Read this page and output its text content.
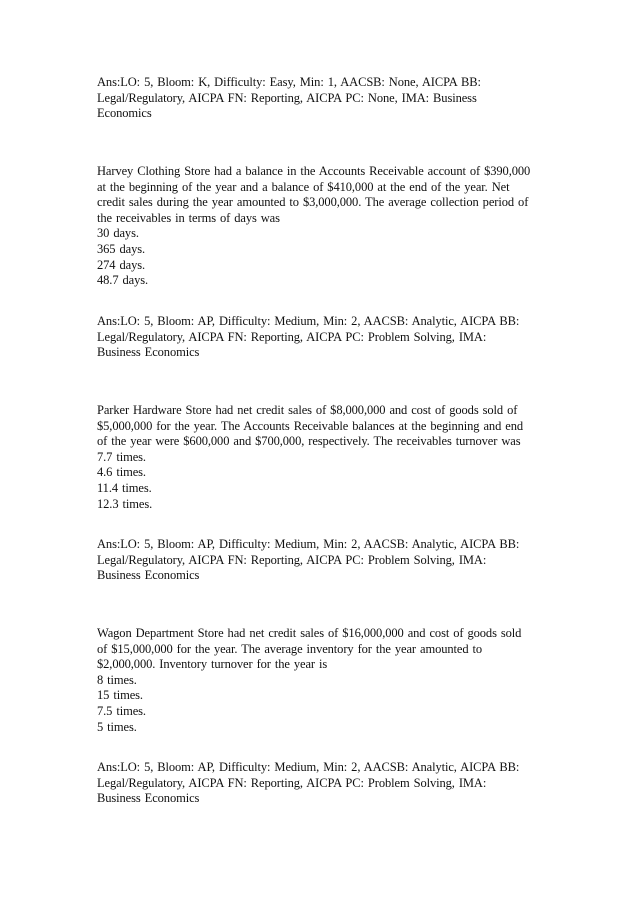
Ans:LO: 5, Bloom: K, Difficulty: Easy, Min: 1, AACSB: None, AICPA BB:
Legal/Regulatory, AICPA FN: Reporting, AICPA PC: None, IMA: Business
Economics
Harvey Clothing Store had a balance in the Accounts Receivable account of $390,000
at the beginning of the year and a balance of $410,000 at the end of the year. Net
credit sales during the year amounted to $3,000,000. The average collection period of
the receivables in terms of days was
30 days.
365 days.
274 days.
48.7 days.
Ans:LO: 5, Bloom: AP, Difficulty: Medium, Min: 2, AACSB: Analytic, AICPA BB:
Legal/Regulatory, AICPA FN: Reporting, AICPA PC: Problem Solving, IMA:
Business Economics
Parker Hardware Store had net credit sales of $8,000,000 and cost of goods sold of
$5,000,000 for the year. The Accounts Receivable balances at the beginning and end
of the year were $600,000 and $700,000, respectively. The receivables turnover was
7.7 times.
4.6 times.
11.4 times.
12.3 times.
Ans:LO: 5, Bloom: AP, Difficulty: Medium, Min: 2, AACSB: Analytic, AICPA BB:
Legal/Regulatory, AICPA FN: Reporting, AICPA PC: Problem Solving, IMA:
Business Economics
Wagon Department Store had net credit sales of $16,000,000 and cost of goods sold
of $15,000,000 for the year. The average inventory for the year amounted to
$2,000,000. Inventory turnover for the year is
8 times.
15 times.
7.5 times.
5 times.
Ans:LO: 5, Bloom: AP, Difficulty: Medium, Min: 2, AACSB: Analytic, AICPA BB:
Legal/Regulatory, AICPA FN: Reporting, AICPA PC: Problem Solving, IMA:
Business Economics
